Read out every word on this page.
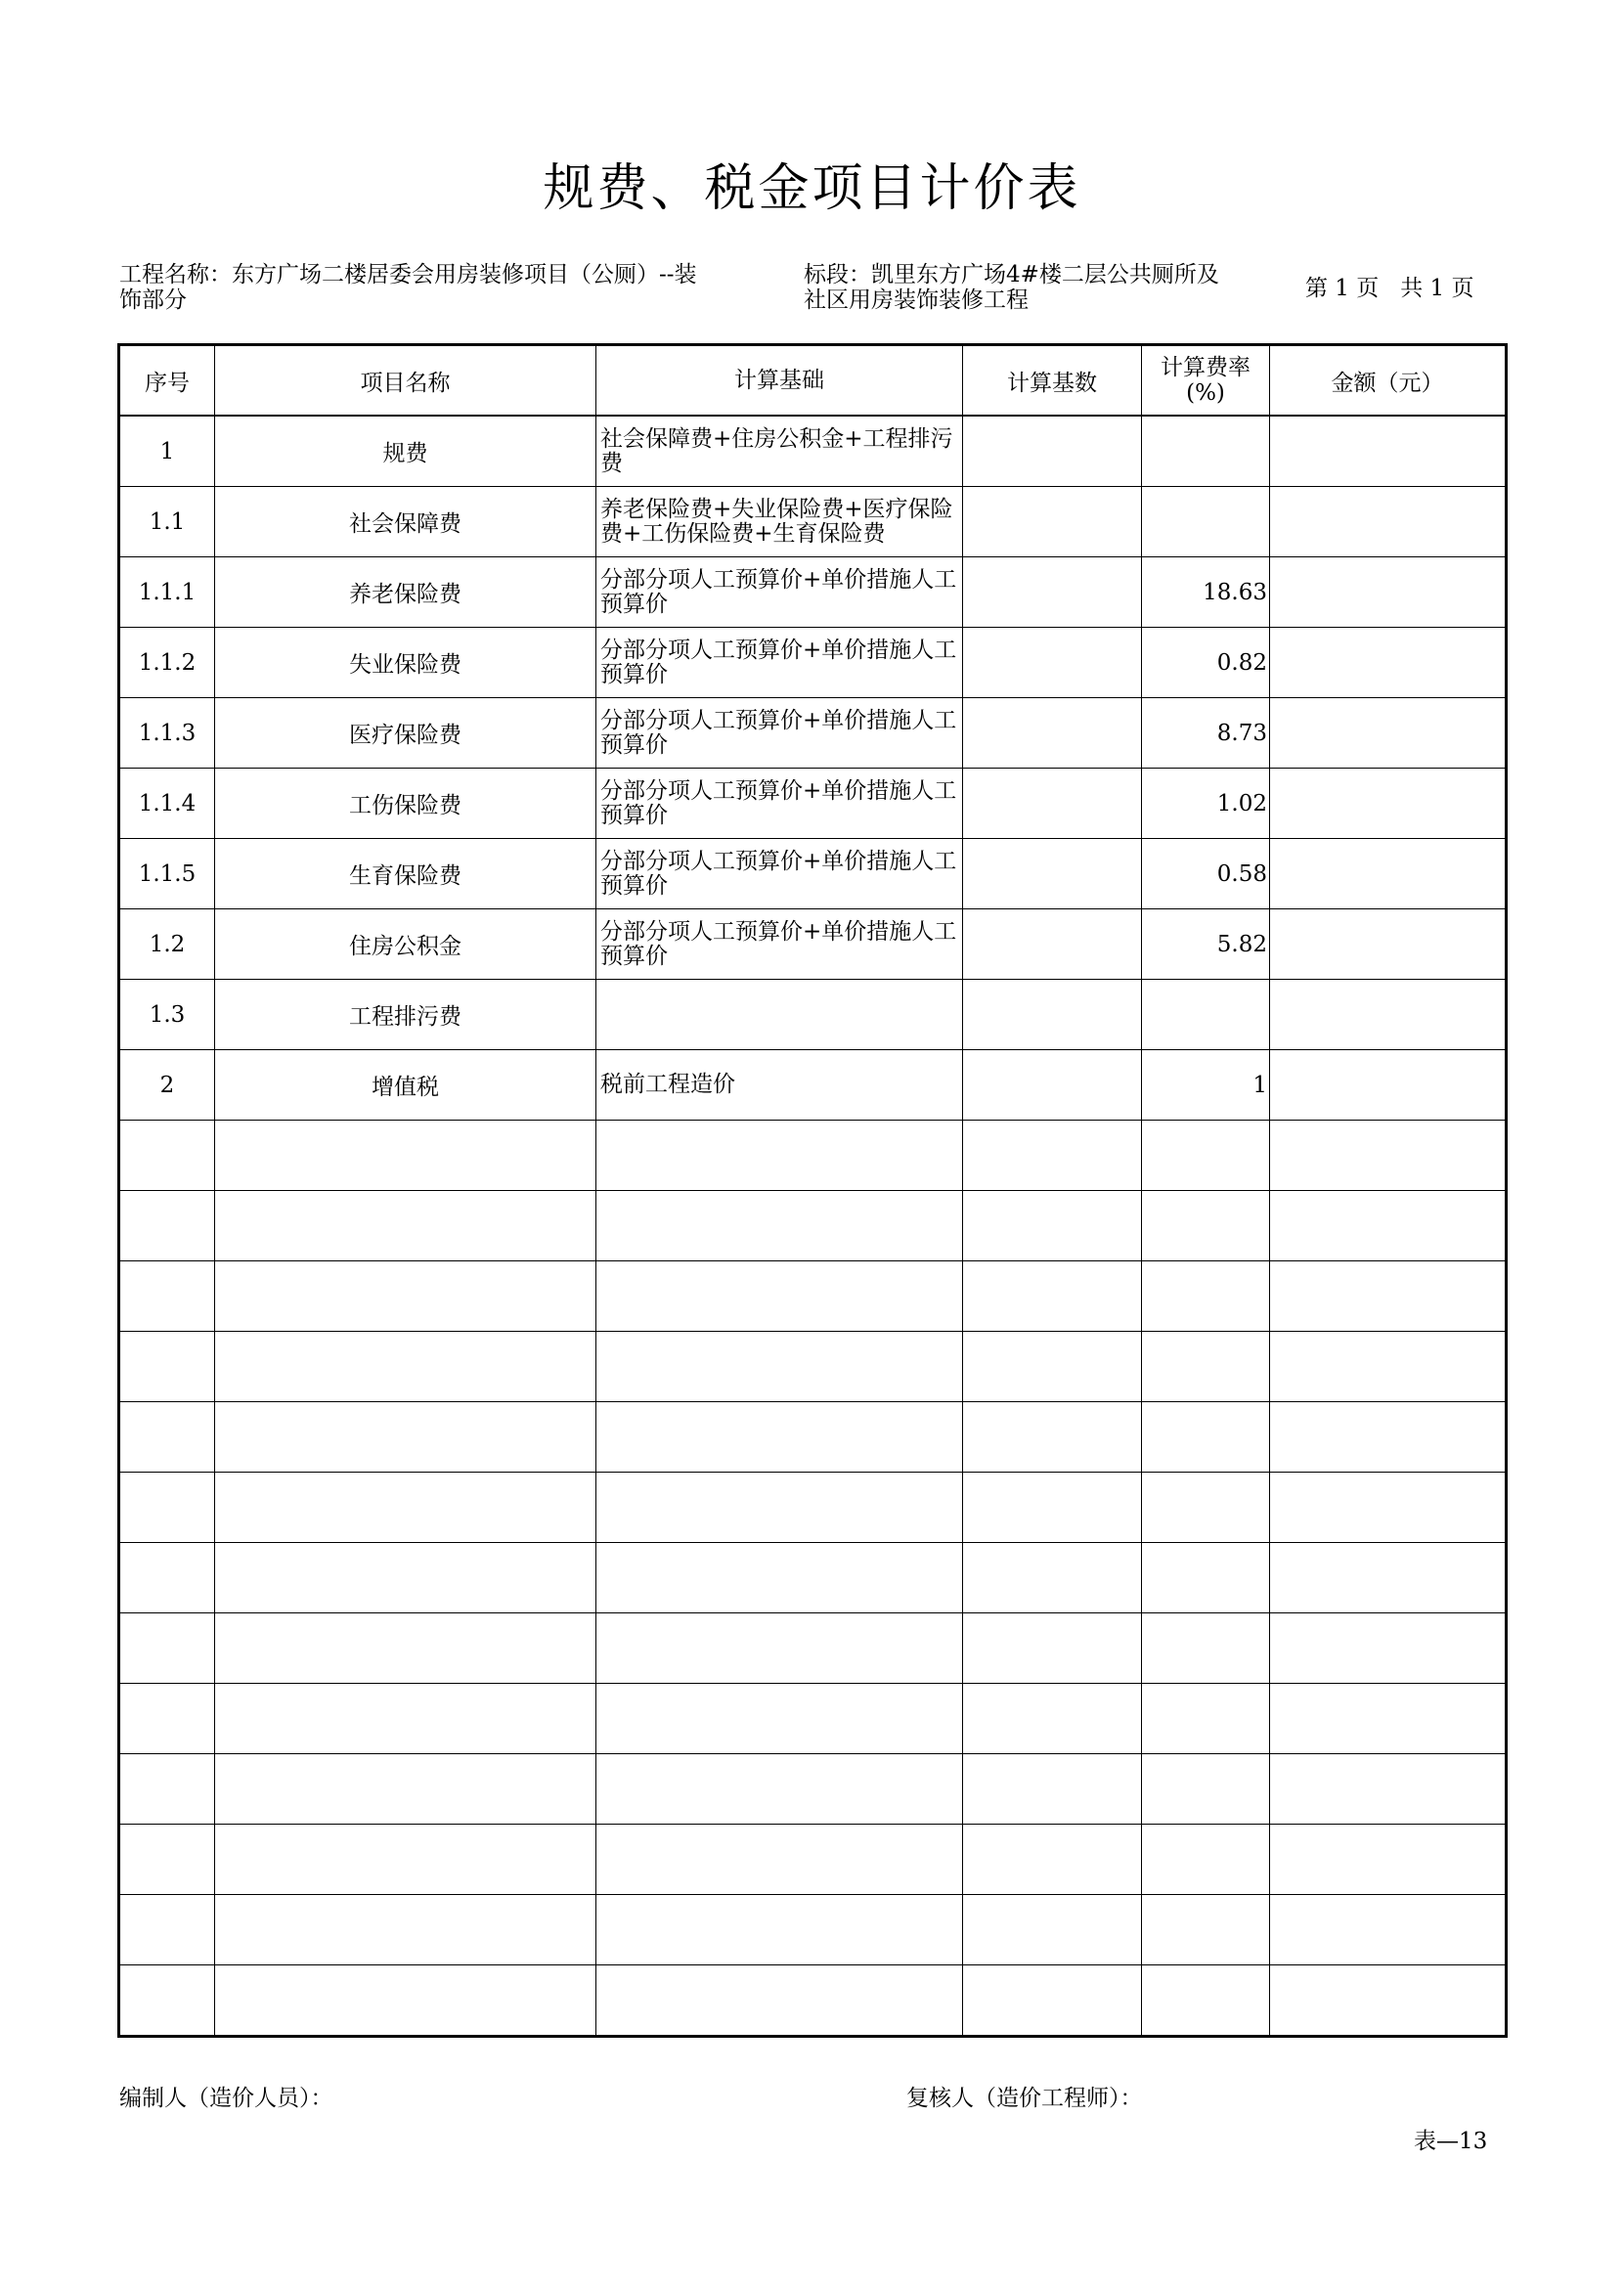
规费、税金项目计价表
工程名称：东方广场二楼居委会用房装修项目（公厕）--装饰部分
标段：凯里东方广场4#楼二层公共厕所及社区用房装饰装修工程	第 1 页   共 1 页
序号	项目名称	计算基础	计算基数	计算费率(%)	金额（元）
1	规费	社会保障费+住房公积金+工程排污费			
1.1	社会保障费	养老保险费+失业保险费+医疗保险费+工伤保险费+生育保险费			
1.1.1	养老保险费	分部分项人工预算价+单价措施人工预算价		18.63	
1.1.2	失业保险费	分部分项人工预算价+单价措施人工预算价		0.82	
1.1.3	医疗保险费	分部分项人工预算价+单价措施人工预算价		8.73	
1.1.4	工伤保险费	分部分项人工预算价+单价措施人工预算价		1.02	
1.1.5	生育保险费	分部分项人工预算价+单价措施人工预算价		0.58	
1.2	住房公积金	分部分项人工预算价+单价措施人工预算价		5.82	
1.3	工程排污费				
2	增值税	税前工程造价		1	

编制人（造价人员）：	复核人（造价工程师）：
表—13
